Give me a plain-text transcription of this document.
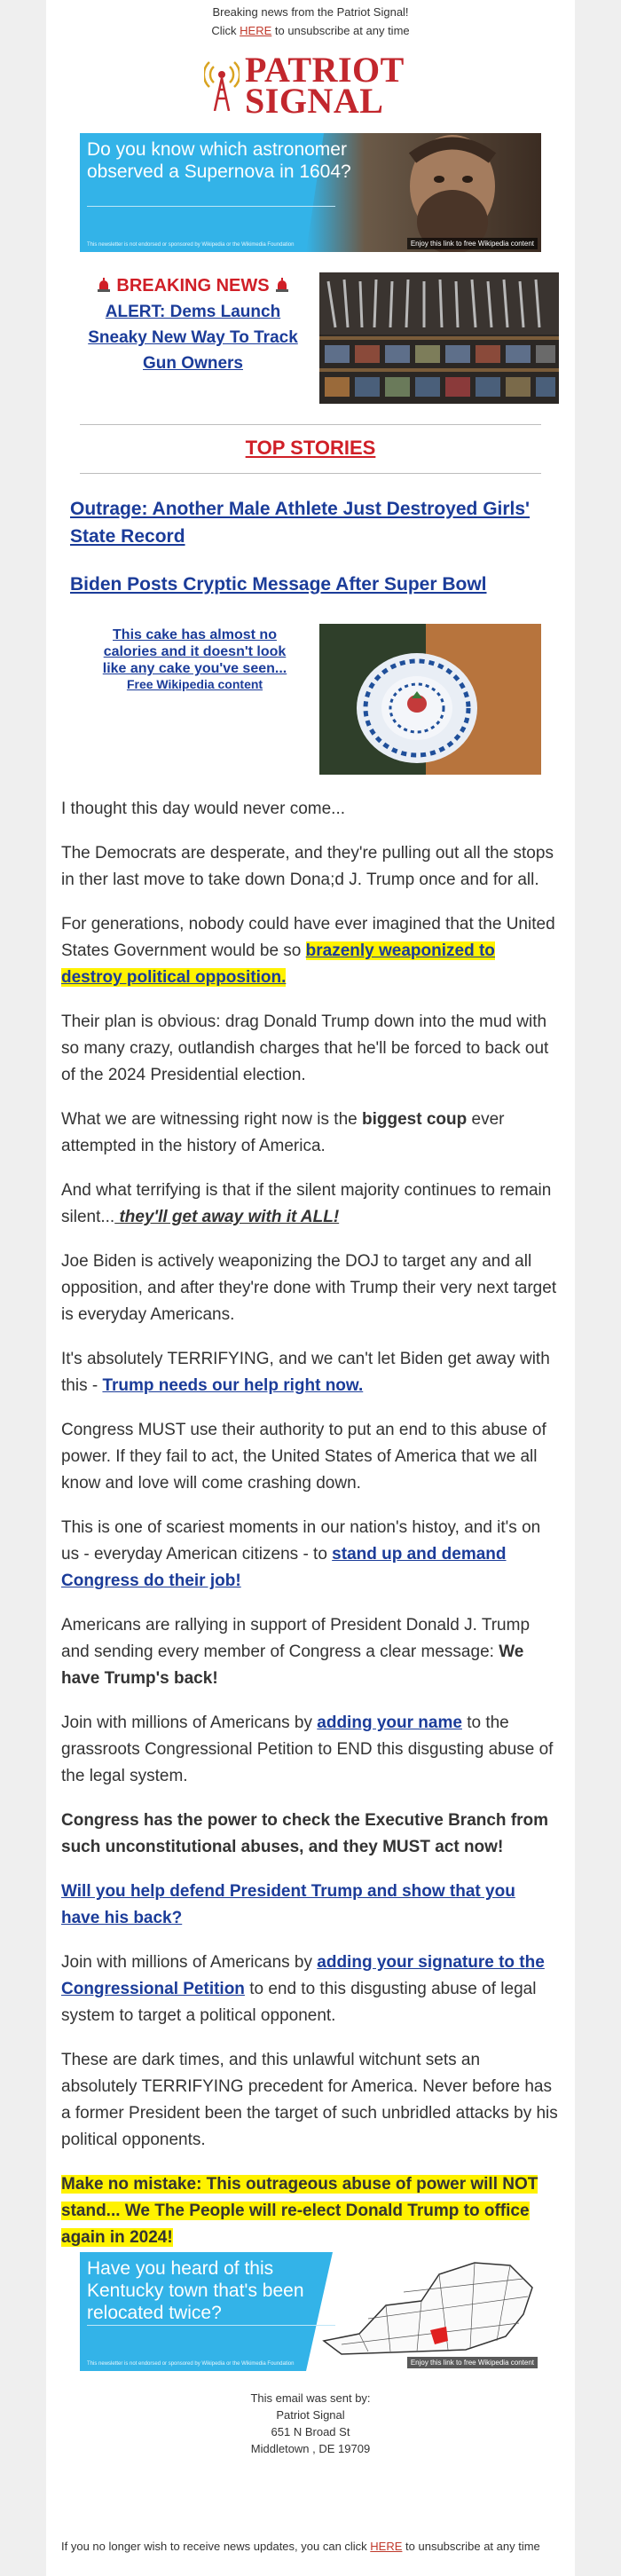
Breaking news from the Patriot Signal!
Click HERE to unsubscribe at any time
PATRIOT
SIGNAL
Do you know which astronomer observed a Supernova in 1604?
This newsletter is not endorsed or sponsored by Wikipedia or the Wikimedia Foundation	Enjoy this link to free Wikipedia content
BREAKING NEWS
ALERT: Dems Launch Sneaky New Way To Track Gun Owners
TOP STORIES
Outrage: Another Male Athlete Just Destroyed Girls' State Record
Biden Posts Cryptic Message After Super Bowl
This cake has almost no calories and it doesn't look like any cake you've seen...
Free Wikipedia content

I thought this day would never come...

The Democrats are desperate, and they're pulling out all the stops in ther last move to take down Dona;d J. Trump once and for all.

For generations, nobody could have ever imagined that the United States Government would be so brazenly weaponized to destroy political opposition.

Their plan is obvious: drag Donald Trump down into the mud with so many crazy, outlandish charges that he'll be forced to back out of the 2024 Presidential election.

What we are witnessing right now is the biggest coup ever attempted in the history of America.

And what terrifying is that if the silent majority continues to remain silent... they'll get away with it ALL!

Joe Biden is actively weaponizing the DOJ to target any and all opposition, and after they're done with Trump their very next target is everyday Americans.

It's absolutely TERRIFYING, and we can't let Biden get away with this - Trump needs our help right now.

Congress MUST use their authority to put an end to this abuse of power. If they fail to act, the United States of America that we all know and love will come crashing down.

This is one of scariest moments in our nation's histoy, and it's on us - everyday American citizens - to stand up and demand Congress do their job!

Americans are rallying in support of President Donald J. Trump and sending every member of Congress a clear message: We have Trump's back!

Join with millions of Americans by adding your name to the grassroots Congressional Petition to END this disgusting abuse of the legal system.

Congress has the power to check the Executive Branch from such unconstitutional abuses, and they MUST act now!

Will you help defend President Trump and show that you have his back?

Join with millions of Americans by adding your signature to the Congressional Petition to end to this disgusting abuse of legal system to target a political opponent.

These are dark times, and this unlawful witchunt sets an absolutely TERRIFYING precedent for America. Never before has a former President been the target of such unbridled attacks by his political opponents.

Make no mistake: This outrageous abuse of power will NOT stand... We The People will re-elect Donald Trump to office again in 2024!

Have you heard of this Kentucky town that's been relocated twice?
This newsletter is not endorsed or sponsored by Wikipedia or the Wikimedia Foundation	Enjoy this link to free Wikipedia content
This email was sent by:
Patriot Signal
651 N Broad St
Middletown , DE 19709
If you no longer wish to receive news updates, you can click HERE to unsubscribe at any time
